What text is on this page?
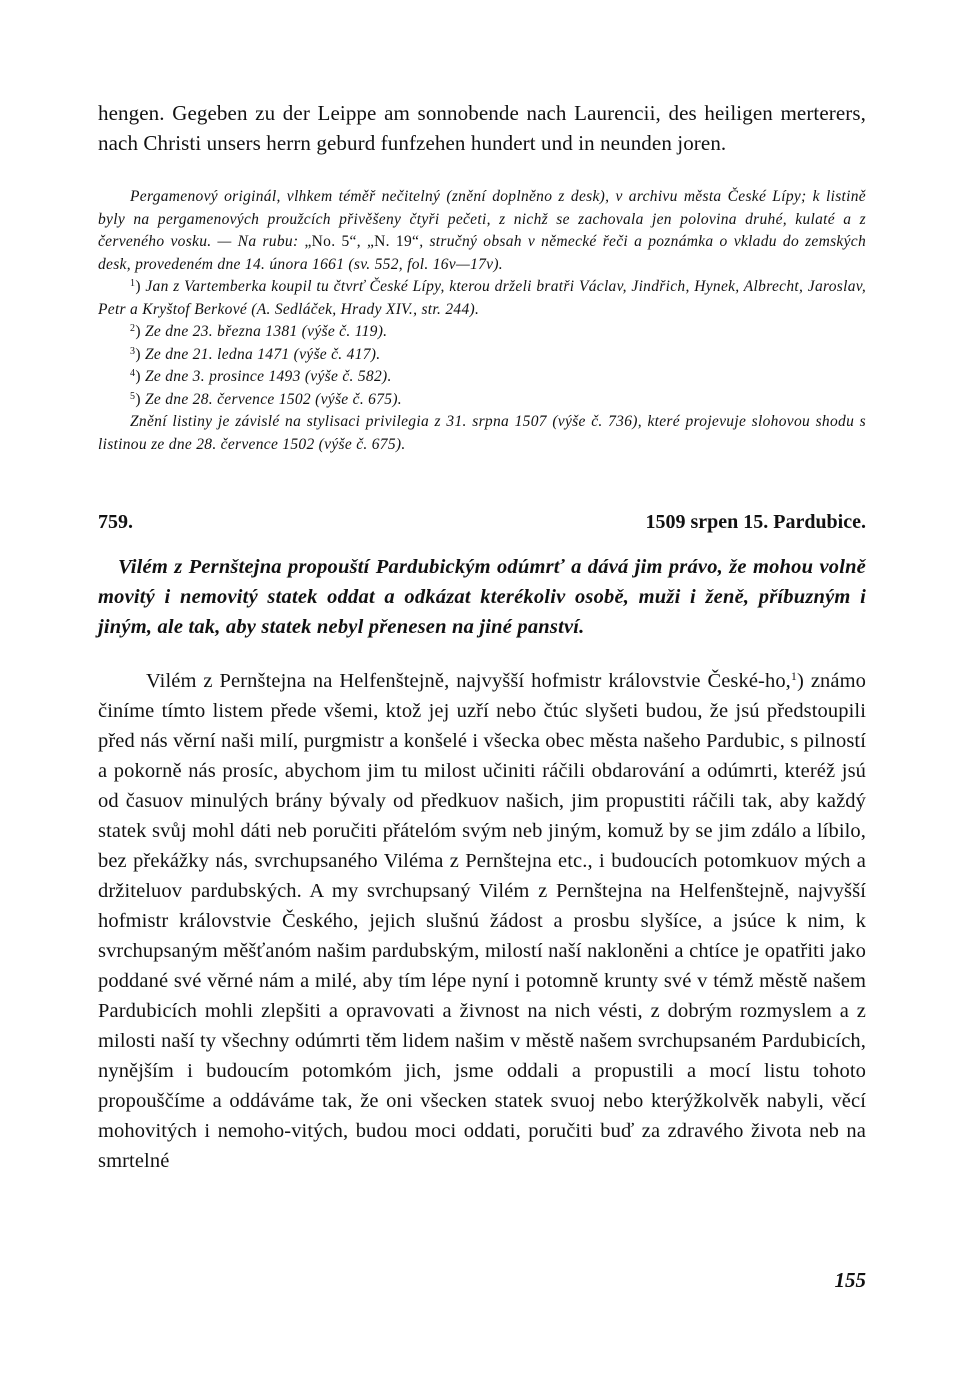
hengen. Gegeben zu der Leippe am sonnobende nach Laurencii, des heiligen merterers, nach Christi unsers herrn geburd funfzehen hundert und in neunden joren.

Pergamenový originál, vlhkem téměř nečitelný (znění doplněno z desk), v archivu města České Lípy; k listině byly na pergamenových proužcích přivěšeny čtyři pečeti, z nichž se zachovala jen polovina druhé, kulaté a z červeného vosku. — Na rubu: „No. 5“, „N. 19“, stručný obsah v německé řeči a poznámka o vkladu do zemských desk, provedeném dne 14. února 1661 (sv. 552, fol. 16v—17v).

$^1$) Jan z Vartemberka koupil tu čtvrť České Lípy, kterou drželi bratři Václav, Jindřich, Hynek, Albrecht, Jaroslav, Petr a Kryštof Berkové (A. Sedláček, Hrady XIV., str. 244).

$^2$) Ze dne 23. března 1381 (výše č. 119).

$^3$) Ze dne 21. ledna 1471 (výše č. 417).

$^4$) Ze dne 3. prosince 1493 (výše č. 582).

$^5$) Ze dne 28. července 1502 (výše č. 675).

Znění listiny je závislé na stylisaci privilegia z 31. srpna 1507 (výše č. 736), které projevuje slohovou shodu s listinou ze dne 28. července 1502 (výše č. 675).

759.	1509 srpen 15. Pardubice.

Vilém z Pernštejna propouští Pardubickým odúmrť a dává jim právo, že mohou volně movitý i nemovitý statek oddat a odkázat kterékoliv osobě, muži i ženě, příbuzným i jiným, ale tak, aby statek nebyl přenesen na jiné panství.

Vilém z Pernštejna na Helfenštejně, najvyšší hofmistr královstvie České-ho,$^1$) známo činíme tímto listem přede všemi, ktož jej uzří nebo čtúc slyšeti budou, že jsú předstoupili před nás věrní naši milí, purgmistr a konšelé i všecka obec města našeho Pardubic, s pilností a pokorně nás prosíc, abychom jim tu milost učiniti ráčili obdarování a odúmrti, kteréž jsú od časuov minulých brány bývaly od předkuov našich, jim propustiti ráčili tak, aby každý statek svůj mohl dáti neb poručiti přátelóm svým neb jiným, komuž by se jim zdálo a líbilo, bez překážky nás, svrchupsaného Viléma z Pernštejna etc., i budoucích potomkuov mých a držiteluov pardubských. A my svrchupsaný Vilém z Pernštejna na Helfenštejně, najvyšší hofmistr královstvie Českého, jejich slušnú žádost a prosbu slyšíce, a jsúce k nim, k svrchupsaným měšťanóm našim pardubským, milostí naší nakloněni a chtíce je opatřiti jako poddané své věrné nám a milé, aby tím lépe nyní i potomně krunty své v témž městě našem Pardubicích mohli zlepšiti a opravovati a živnost na nich vésti, z dobrým rozmyslem a z milosti naší ty všechny odúmrti těm lidem našim v městě našem svrchupsaném Pardubicích, nynějším i budoucím potomkóm jich, jsme oddali a propustili a mocí listu tohoto propouščíme a oddáváme tak, že oni všecken statek svuoj nebo kterýžkolvěk nabyli, věcí mohovitých i nemoho-vitých, budou moci oddati, poručiti buď za zdravého života neb na smrtelné

155
